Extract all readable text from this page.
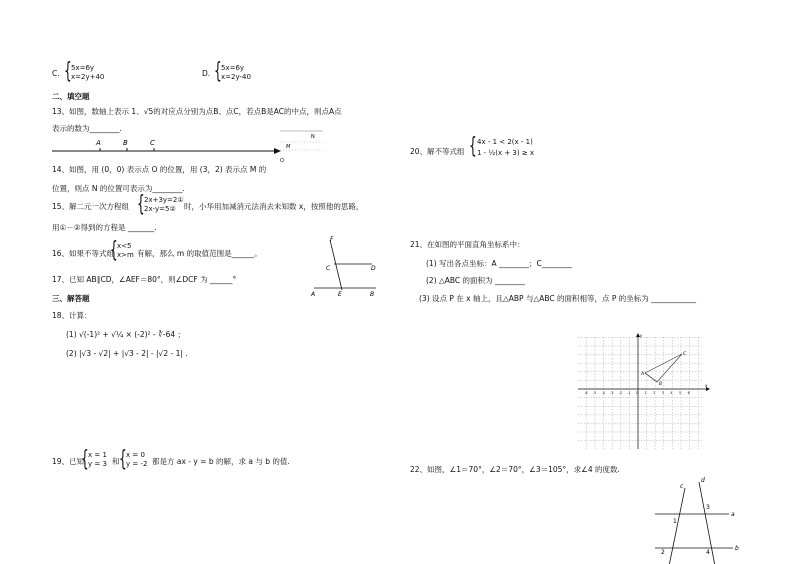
C. { 5x=6y
x=2y+40	D. { 5x=6y
x=2y-40
二、填空题
13、如图，数轴上表示 1、√5的对应点分别为点B、点C，若点B是AC的中点，则点A点
表示的数为________.
A	B	C
N
M
O
14、如图，用 (0，0) 表示点 O 的位置，用 (3，2) 表示点 M 的
位置，则点 N 的位置可表示为________.
15、解二元一次方程组 { 2x+3y=2①
2x-y=5②	时，小华用加减消元法消去未知数 x，按照他的思路，
用①－②得到的方程是 _______.
16、如果不等式组
{ x<5
x>m 有解，那么 m 的取值范围是______。
17、已知 AB∥CD，∠AEF＝80°，则∠DCF 为 ______°
F
C	D
A	E	B
三、解答题
18、计算：
(1) √(-1)² + √¼ × (-2)² - ∛-64 ；
(2) |√3 - √2| + |√3 - 2| - |√2 - 1| .
19、已知
{ x = 1
y = 3 和 { x = 0
y = -2 都是方 ax - y = b 的解，求 a 与 b 的值.
20、解不等式组 { 4x - 1 < 2(x - 1)
1 - ½(x + 3) ≥ x
21、在如图的平面直角坐标系中：
(1) 写出各点坐标：A ________；C________
(2) △ABC 的面积为 ________
(3) 设点 P 在 x 轴上，且△ABP 与△ABC 的面积相等，点 P 的坐标为 ____________
x
y
-6 -5 -4 -3 -2 -1 O 1 2 3 4 5 6
A
B
C
22、如图，∠1＝70°，∠2＝70°，∠3＝105°，求∠4 的度数.
c
d
a
b
1
2
3
4
